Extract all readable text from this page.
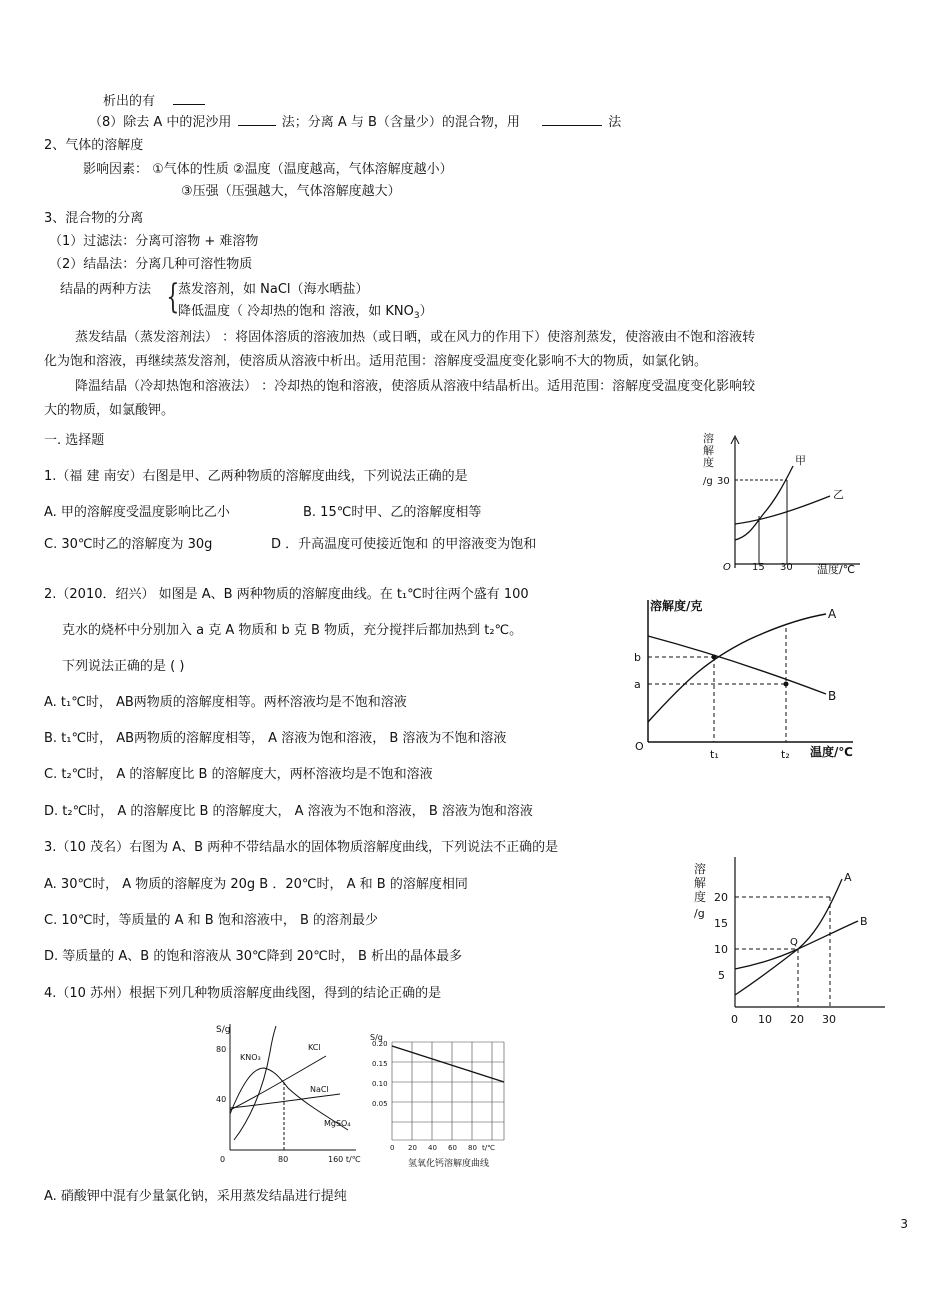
析出的有
（8）除去 A 中的泥沙用	法；分离 A 与 B（含量少）的混合物，用	法
2、气体的溶解度
影响因素： ①气体的性质 ②温度（温度越高，气体溶解度越小）
③压强（压强越大，气体溶解度越大）
3、混合物的分离
（1）过滤法：分离可溶物 + 难溶物
（2）结晶法：分离几种可溶性物质
结晶的两种方法 {
蒸发溶剂，如 NaCl（海水晒盐）
降低温度（ 冷却热的饱和 溶液，如 $KNO_3$）
蒸发结晶（蒸发溶剂法） ：将固体溶质的溶液加热（或日晒，或在风力的作用下）使溶剂蒸发，使溶液由不饱和溶液转
化为饱和溶液，再继续蒸发溶剂，使溶质从溶液中析出。适用范围：溶解度受温度变化影响不大的物质，如氯化钠。
降温结晶（冷却热饱和溶液法） ：冷却热的饱和溶液，使溶质从溶液中结晶析出。适用范围：溶解度受温度变化影响较
大的物质，如氯酸钾。
一. 选择题
1.（福 建 南安）右图是甲、乙两种物质的溶解度曲线，下列说法正确的是
A. 甲的溶解度受温度影响比乙小	B. 15℃时甲、乙的溶解度相等
C. 30℃时乙的溶解度为 30g	D ．升高温度可使接近饱和 的甲溶液变为饱和
2.（2010．绍兴） 如图是 A、B 两种物质的溶解度曲线。在 t₁℃时往两个盛有 100
克水的烧杯中分别加入 a 克 A 物质和 b 克 B 物质，充分搅拌后都加热到 t₂℃。
下列说法正确的是 ( )
A. t₁℃时， AB两物质的溶解度相等。两杯溶液均是不饱和溶液
B. t₁℃时， AB两物质的溶解度相等， A 溶液为饱和溶液， B 溶液为不饱和溶液
C. t₂℃时， A 的溶解度比 B 的溶解度大，两杯溶液均是不饱和溶液
D. t₂℃时， A 的溶解度比 B 的溶解度大， A 溶液为不饱和溶液， B 溶液为饱和溶液
3.（10 茂名）右图为 A、B 两种不带结晶水的固体物质溶解度曲线，下列说法不正确的是
A. 30℃时， A 物质的溶解度为 20g B ．20℃时， A 和 B 的溶解度相同
C. 10℃时，等质量的 A 和 B 饱和溶液中， B 的溶剂最少
D. 等质量的 A、B 的饱和溶液从 30℃降到 20℃时， B 析出的晶体最多
4.（10 苏州）根据下列几种物质溶解度曲线图，得到的结论正确的是
A. 硝酸钾中混有少量氯化钠，采用蒸发结晶进行提纯
3
溶
解
度
/g 30
甲
乙
O 15 30 温度/℃
溶解度/克
A
B
b
a
O
t₁	t₂ 温度/℃
溶
解
度
/g
20
15
10
5
A
B
Q
0 10 20 30
S/g
80
40
KNO₃
KCl
NaCl
MgSO₄
0	80	160 t/℃
S/g
0.20
0.15
0.10
0.05
0 20 40 60 80 t/℃
氢氧化钙溶解度曲线
